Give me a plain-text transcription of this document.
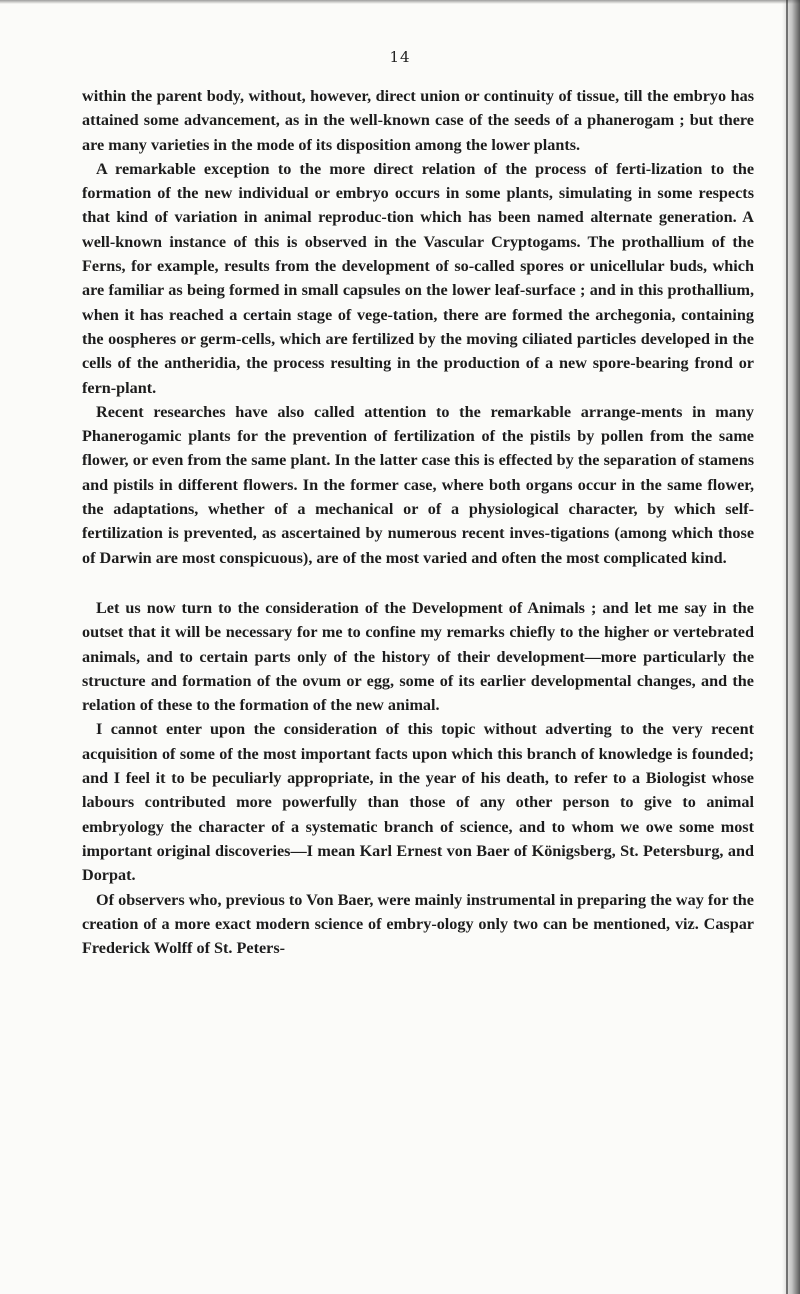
14

within the parent body, without, however, direct union or continuity of tissue, till the embryo has attained some advancement, as in the well-known case of the seeds of a phanerogam ; but there are many varieties in the mode of its disposition among the lower plants.

A remarkable exception to the more direct relation of the process of ferti-lization to the formation of the new individual or embryo occurs in some plants, simulating in some respects that kind of variation in animal reproduc-tion which has been named alternate generation. A well-known instance of this is observed in the Vascular Cryptogams. The prothallium of the Ferns, for example, results from the development of so-called spores or unicellular buds, which are familiar as being formed in small capsules on the lower leaf-surface ; and in this prothallium, when it has reached a certain stage of vege-tation, there are formed the archegonia, containing the oospheres or germ-cells, which are fertilized by the moving ciliated particles developed in the cells of the antheridia, the process resulting in the production of a new spore-bearing frond or fern-plant.

Recent researches have also called attention to the remarkable arrange-ments in many Phanerogamic plants for the prevention of fertilization of the pistils by pollen from the same flower, or even from the same plant. In the latter case this is effected by the separation of stamens and pistils in different flowers. In the former case, where both organs occur in the same flower, the adaptations, whether of a mechanical or of a physiological character, by which self-fertilization is prevented, as ascertained by numerous recent inves-tigations (among which those of Darwin are most conspicuous), are of the most varied and often the most complicated kind.

Let us now turn to the consideration of the Development of Animals ; and let me say in the outset that it will be necessary for me to confine my remarks chiefly to the higher or vertebrated animals, and to certain parts only of the history of their development—more particularly the structure and formation of the ovum or egg, some of its earlier developmental changes, and the relation of these to the formation of the new animal.

I cannot enter upon the consideration of this topic without adverting to the very recent acquisition of some of the most important facts upon which this branch of knowledge is founded; and I feel it to be peculiarly appropriate, in the year of his death, to refer to a Biologist whose labours contributed more powerfully than those of any other person to give to animal embryology the character of a systematic branch of science, and to whom we owe some most important original discoveries—I mean Karl Ernest von Baer of Königsberg, St. Petersburg, and Dorpat.

Of observers who, previous to Von Baer, were mainly instrumental in preparing the way for the creation of a more exact modern science of embry-ology only two can be mentioned, viz. Caspar Frederick Wolff of St. Peters-
